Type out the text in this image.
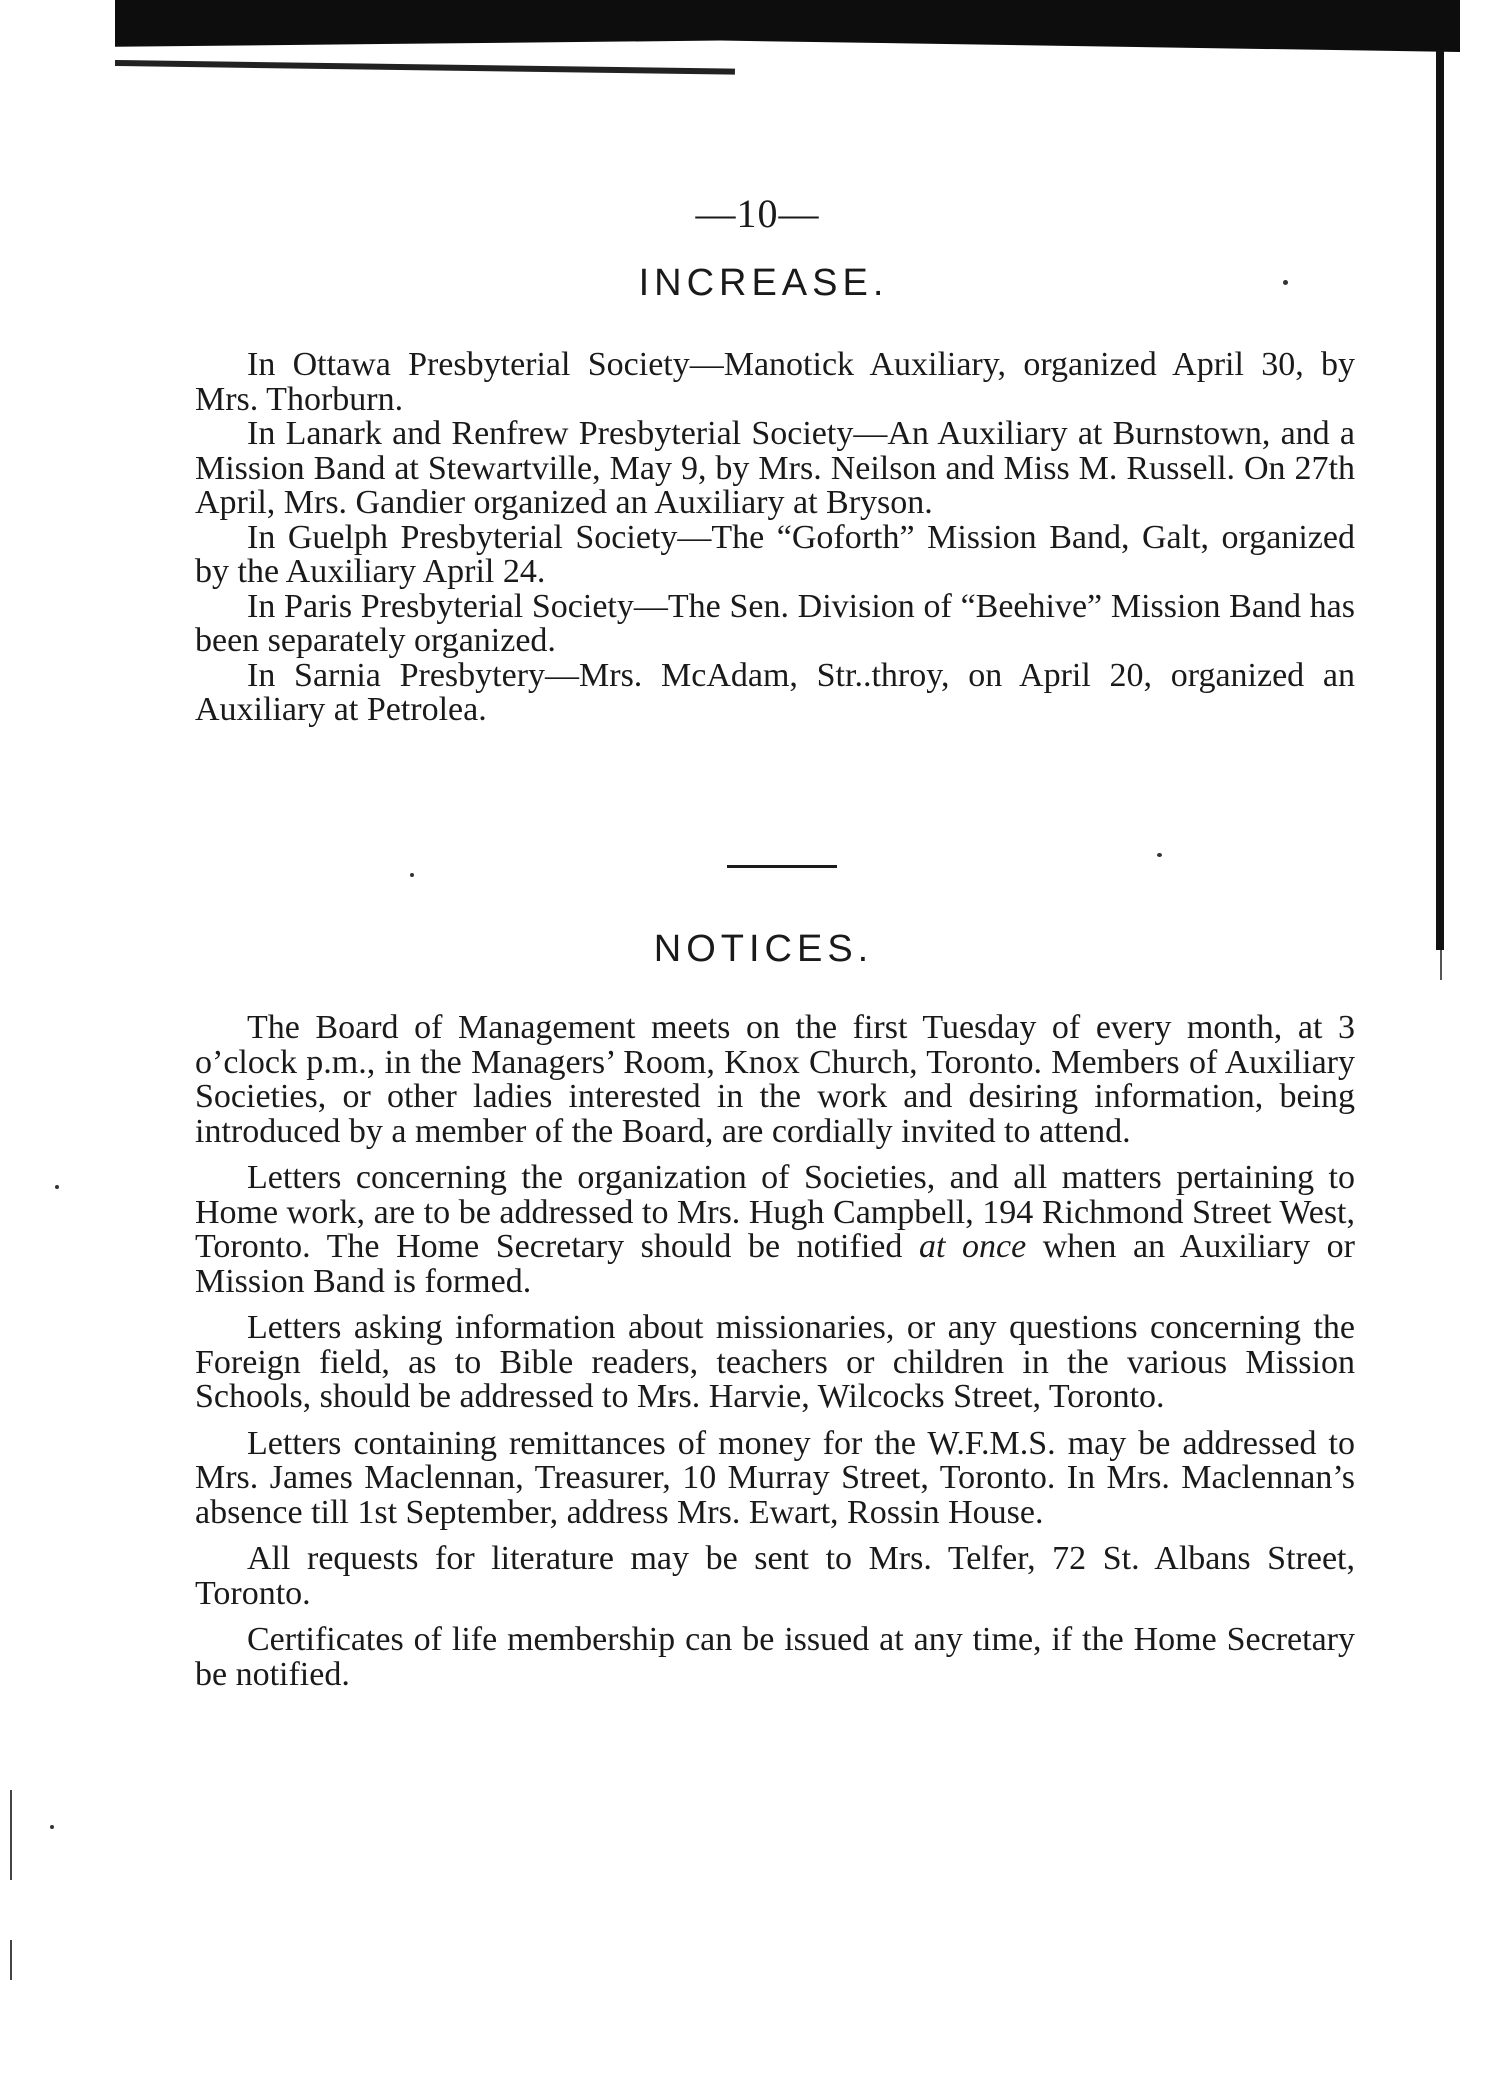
—10—
INCREASE.

In Ottawa Presbyterial Society—Manotick Auxiliary, organized April 30, by Mrs. Thorburn.

In Lanark and Renfrew Presbyterial Society—An Auxiliary at Burnstown, and a Mission Band at Stewartville, May 9, by Mrs. Neilson and Miss M. Russell. On 27th April, Mrs. Gandier organized an Auxiliary at Bryson.

In Guelph Presbyterial Society—The “Goforth” Mission Band, Galt, organized by the Auxiliary April 24.

In Paris Presbyterial Society—The Sen. Division of “Beehive” Mission Band has been separately organized.

In Sarnia Presbytery—Mrs. McAdam, Str..throy, on April 20, organized an Auxiliary at Petrolea.

NOTICES.

The Board of Management meets on the first Tuesday of every month, at 3 o’clock p.m., in the Managers’ Room, Knox Church, Toronto. Members of Auxiliary Societies, or other ladies interested in the work and desiring information, being introduced by a member of the Board, are cordially invited to attend.

Letters concerning the organization of Societies, and all matters pertaining to Home work, are to be addressed to Mrs. Hugh Campbell, 194 Richmond Street West, Toronto. The Home Secretary should be notified at once when an Auxiliary or Mission Band is formed.

Letters asking information about missionaries, or any questions concerning the Foreign field, as to Bible readers, teachers or children in the various Mission Schools, should be addressed to Mrs. Harvie, Wilcocks Street, Toronto.

Letters containing remittances of money for the W.F.M.S. may be addressed to Mrs. James Maclennan, Treasurer, 10 Murray Street, Toronto. In Mrs. Maclennan’s absence till 1st September, address Mrs. Ewart, Rossin House.

All requests for literature may be sent to Mrs. Telfer, 72 St. Albans Street, Toronto.

Certificates of life membership can be issued at any time, if the Home Secretary be notified.
